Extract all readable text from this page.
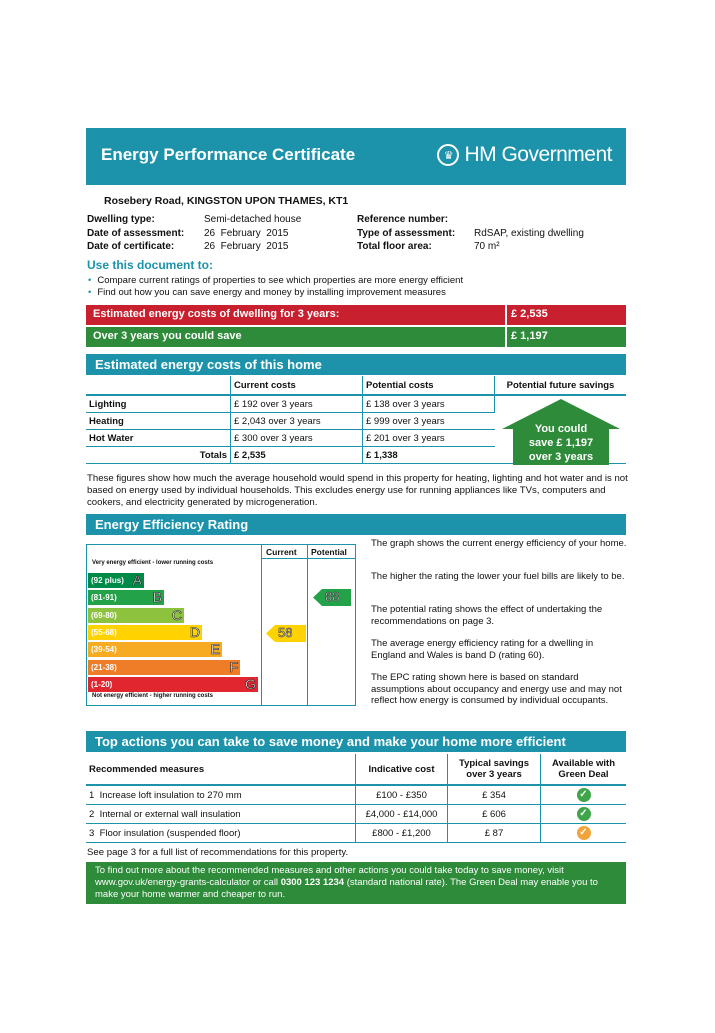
Energy Performance Certificate	♛ HM Government
Rosebery Road, KINGSTON UPON THAMES, KT1
Dwelling type:	Semi-detached house
Date of assessment: 26  February  2015
Date of certificate:	26  February  2015
Reference number:
Type of assessment: RdSAP, existing dwelling
Total floor area:	70 m²
Use this document to:
• Compare current ratings of properties to see which properties are more energy efficient
• Find out how you can save energy and money by installing improvement measures
Estimated energy costs of dwelling for 3 years:	£ 2,535
Over 3 years you could save	£ 1,197
Estimated energy costs of this home
	Current costs	Potential costs	Potential future savings
Lighting	£ 192 over 3 years	£ 138 over 3 years	You could
save £ 1,197
over 3 years

Heating	£ 2,043 over 3 years	£ 999 over 3 years	
Hot Water	£ 300 over 3 years	£ 201 over 3 years	
Totals	£ 2,535	£ 1,338	
These figures show how much the average household would spend in this property for heating, lighting and hot water and is not based on energy used by individual households. This excludes energy use for running appliances like TVs, computers and cookers, and electricity generated by microgeneration.
Energy Efficiency Rating
Current Potential
Very energy efficient - lower running costs
Not energy efficient - higher running costs
(92 plus) A
(81-91)	B
(69-80)	C
(55-68)	D
(39-54)	E
(21-38)	F
(1-20)	G
58
88
The graph shows the current energy efficiency of your home.
The higher the rating the lower your fuel bills are likely to be.
The potential rating shows the effect of undertaking the recommendations on page 3.
The average energy efficiency rating for a dwelling in England and Wales is band D (rating 60).
The EPC rating shown here is based on standard assumptions about occupancy and energy use and may not reflect how energy is consumed by individual occupants.
Top actions you can take to save money and make your home more efficient
Recommended measures	Indicative cost	Typical savings over 3 years	Available with Green Deal
1 Increase loft insulation to 270 mm	£100 - £350	£ 354	✓
2 Internal or external wall insulation	£4,000 - £14,000	£ 606	✓
3 Floor insulation (suspended floor)	£800 - £1,200	£ 87	✓
See page 3 for a full list of recommendations for this property.
To find out more about the recommended measures and other actions you could take today to save money, visit
www.gov.uk/energy-grants-calculator or call 0300 123 1234 (standard national rate). The Green Deal may enable you to
make your home warmer and cheaper to run.
